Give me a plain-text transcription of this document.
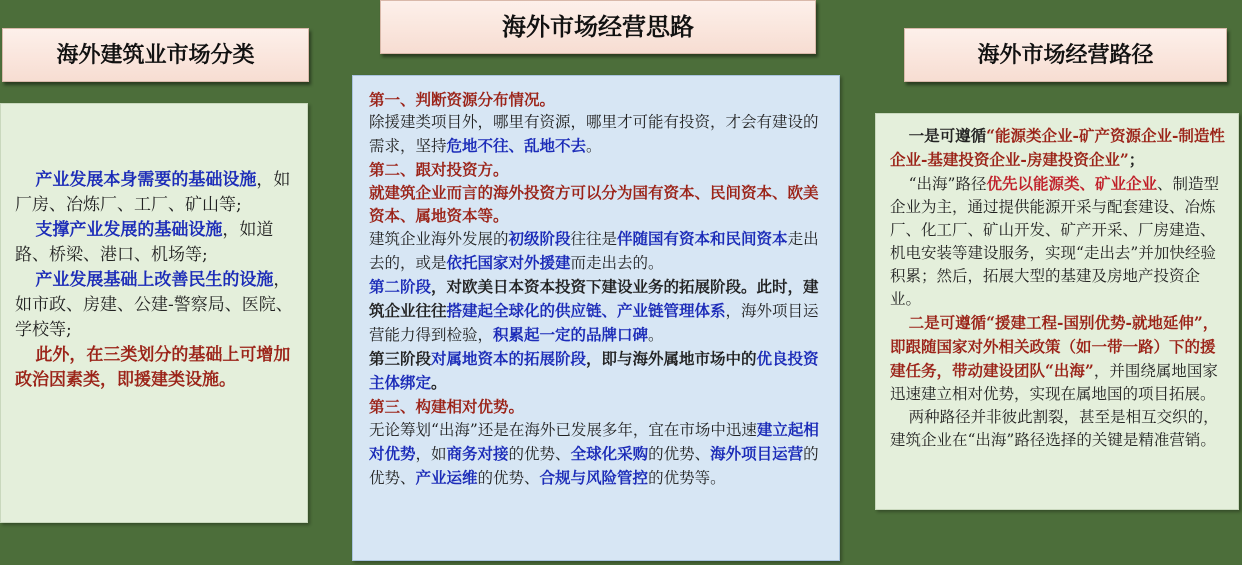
海外建筑业市场分类
海外市场经营思路
海外市场经营路径

产业发展本身需要的基础设施，如厂房、冶炼厂、工厂、矿山等;

支撑产业发展的基础设施，如道路、桥梁、港口、机场等;

产业发展基础上改善民生的设施，如市政、房建、公建-警察局、医院、学校等;

此外，在三类划分的基础上可增加政治因素类，即援建类设施。

第一、判断资源分布情况。

除援建类项目外，哪里有资源，哪里才可能有投资，才会有建设的需求，坚持危地不往、乱地不去。

第二、跟对投资方。

就建筑企业而言的海外投资方可以分为国有资本、民间资本、欧美资本、属地资本等。

建筑企业海外发展的初级阶段往往是伴随国有资本和民间资本走出去的，或是依托国家对外援建而走出去的。

第二阶段，对欧美日本资本投资下建设业务的拓展阶段。此时，建筑企业往往搭建起全球化的供应链、产业链管理体系，海外项目运营能力得到检验，积累起一定的品牌口碑。

第三阶段对属地资本的拓展阶段，即与海外属地市场中的优良投资主体绑定。

第三、构建相对优势。

无论筹划“出海”还是在海外已发展多年，宜在市场中迅速建立起相对优势，如商务对接的优势、全球化采购的优势、海外项目运营的优势、产业运维的优势、合规与风险管控的优势等。

一是可遵循“能源类企业-矿产资源企业-制造性企业-基建投资企业-房建投资企业”；

“出海”路径优先以能源类、矿业企业、制造型企业为主，通过提供能源开采与配套建设、冶炼厂、化工厂、矿山开发、矿产开采、厂房建造、机电安装等建设服务，实现“走出去”并加快经验积累；然后，拓展大型的基建及房地产投资企业。

二是可遵循“援建工程-国别优势-就地延伸”，即跟随国家对外相关政策（如一带一路）下的援建任务，带动建设团队“出海”，并围绕属地国家迅速建立相对优势，实现在属地国的项目拓展。

两种路径并非彼此割裂，甚至是相互交织的，建筑企业在“出海”路径选择的关键是精准营销。
